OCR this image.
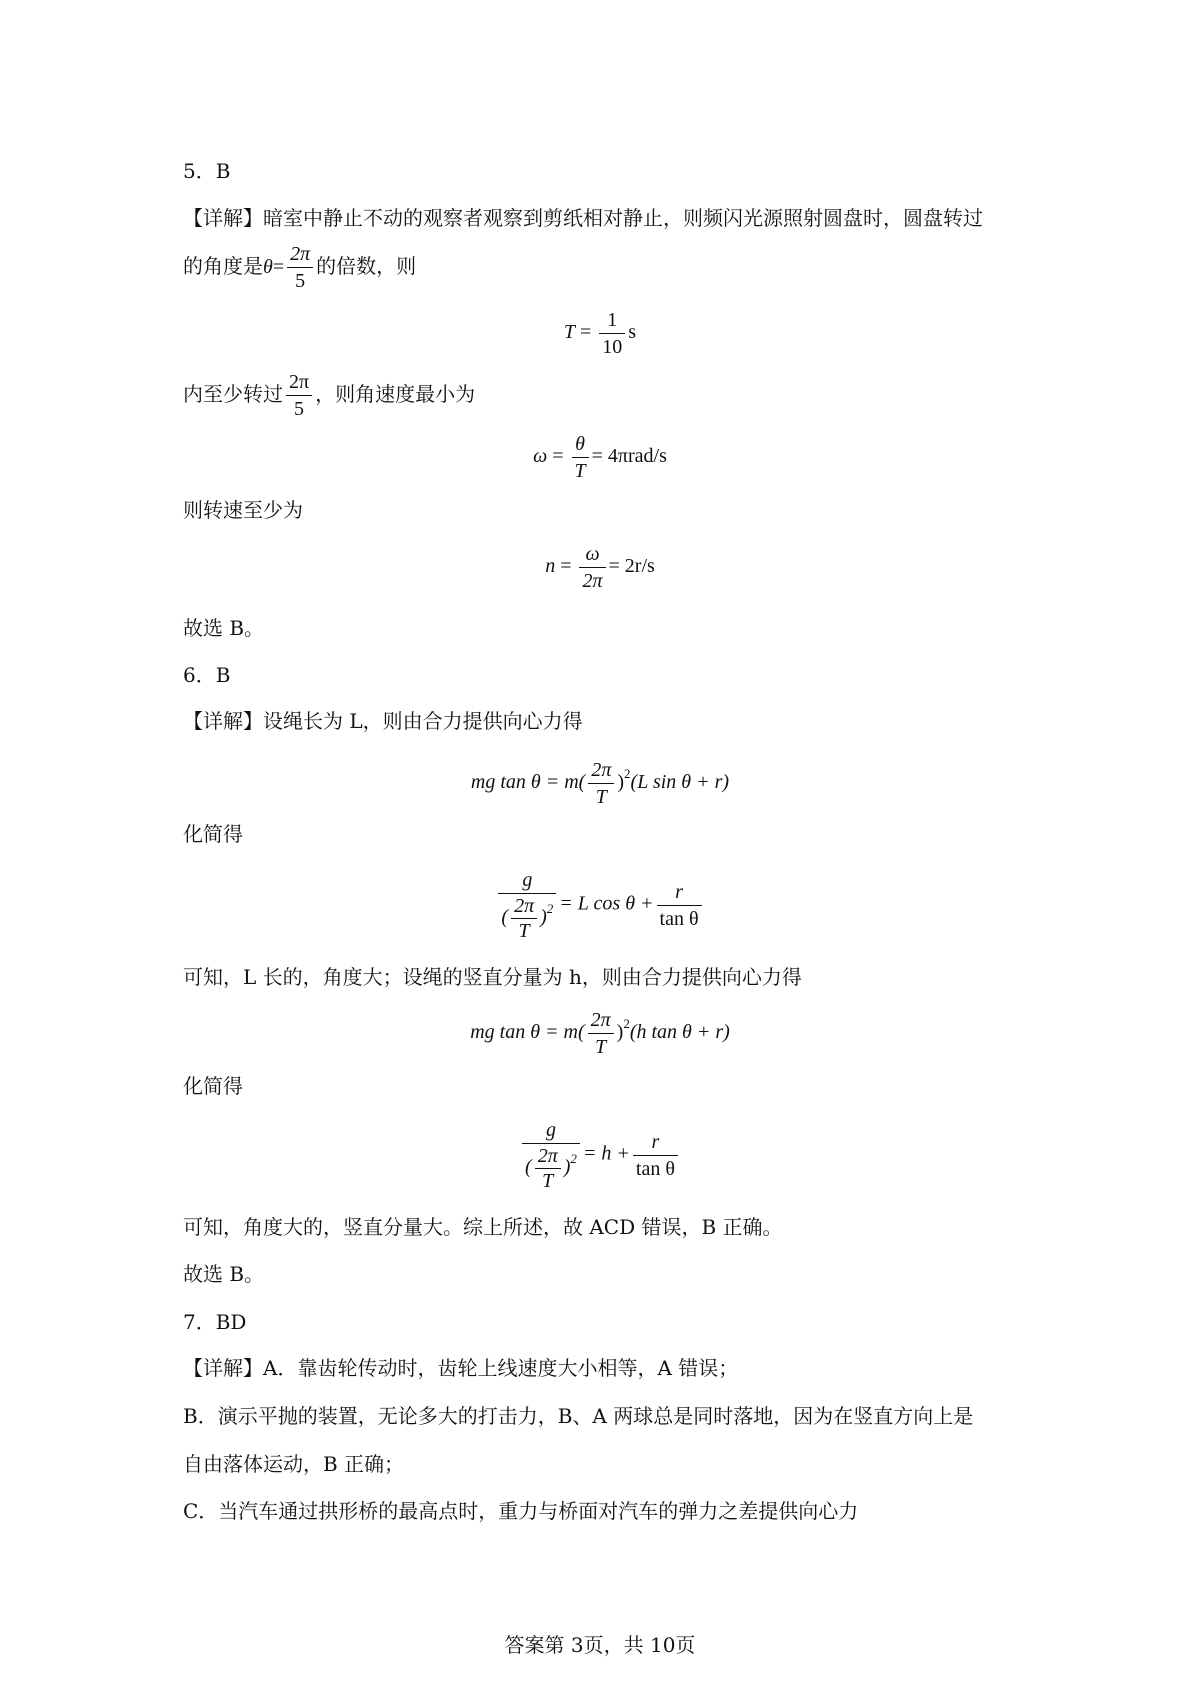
5．B
【详解】暗室中静止不动的观察者观察到剪纸相对静止，则频闪光源照射圆盘时，圆盘转过
的角度是$\theta= \frac{2\pi}{5}$ 的倍数，则
$T = \frac{1}{10}$ s
内至少转过 $\frac{2\pi}{5}$ ，则角速度最小为
$\omega = \frac{\theta}{T} = 4\pi rad/s$
则转速至少为
$n = \frac{\omega}{2\pi} = 2r/s$
故选 B。
6．B
【详解】设绳长为 L，则由合力提供向心力得
mg $\tan \theta = m( \frac{2\pi}{T} )^2(L$ sin θ + r)
化简得
$\frac{g}{( \frac{2\pi}{T} )^2} = L$ $\cos \theta + \frac{r}{\text{tan θ}}$
可知，L 长的，角度大；设绳的竖直分量为 h，则由合力提供向心力得
mg $\tan \theta = m( \frac{2\pi}{T} )^2(h$ tan θ + r)
化简得
$\frac{g}{( \frac{2\pi}{T} )^2} = h + \frac{r}{\text{tan θ}}$
可知，角度大的，竖直分量大。综上所述，故 ACD 错误，B 正确。
故选 B。
7．BD
【详解】A．靠齿轮传动时，齿轮上线速度大小相等，A 错误；
B．演示平抛的装置，无论多大的打击力，B、A 两球总是同时落地，因为在竖直方向上是
自由落体运动，B 正确；
C．当汽车通过拱形桥的最高点时，重力与桥面对汽车的弹力之差提供向心力
答案第 3页，共 10页
